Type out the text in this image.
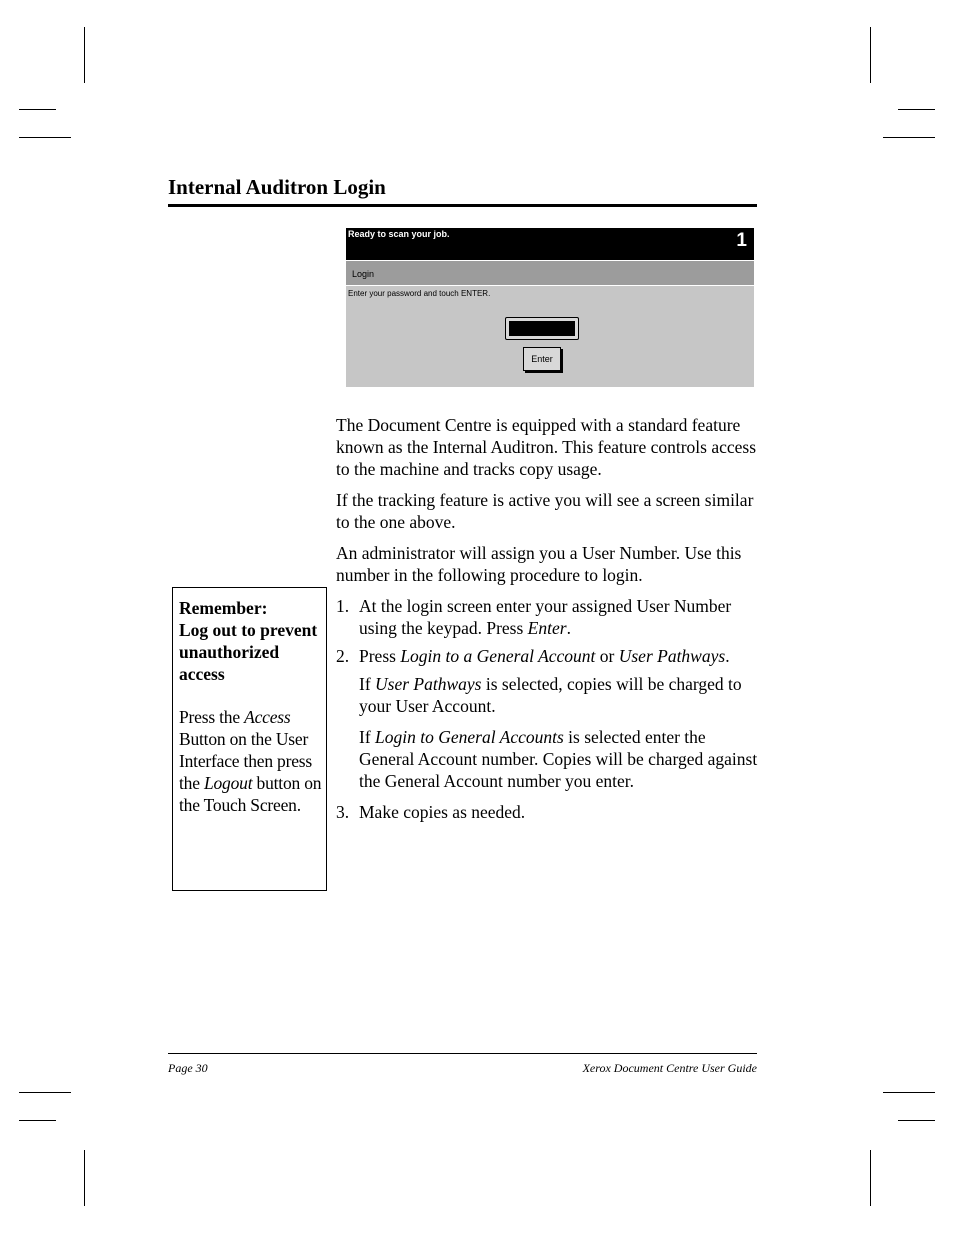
Internal Auditron Login
Ready to scan your job.	1
Login
Enter your password and touch ENTER.
Enter

The Document Centre is equipped with a standard feature known as the Internal Auditron. This feature controls access to the machine and tracks copy usage.

If the tracking feature is active you will see a screen similar to the one above.

An administrator will assign you a User Number. Use this number in the following procedure to login.

1. At the login screen enter your assigned User Number using the keypad. Press Enter.

2. Press Login to a General Account or User Pathways.

If User Pathways is selected, copies will be charged to your User Account.

If Login to General Accounts is selected enter the General Account number. Copies will be charged against the General Account number you enter.

3. Make copies as needed.

Remember:
Log out to prevent unauthorized access

Press the Access Button on the User Interface then press the Logout button on the Touch Screen.

Page 30	Xerox Document Centre User Guide
